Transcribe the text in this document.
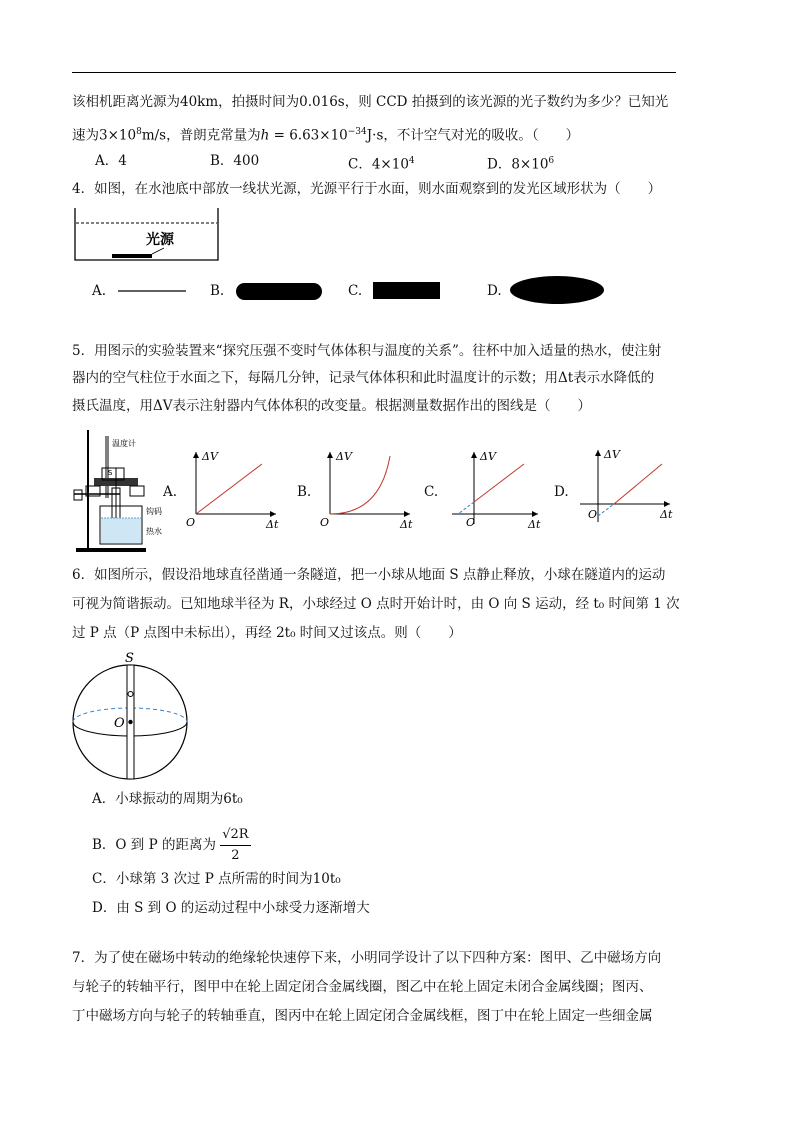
该相机距离光源为40km，拍摄时间为0.016s，则 CCD 拍摄到的该光源的光子数约为多少？已知光
速为$3\times 10^8m/s$，普朗克常量为$h = 6.63\times 10^{-34}J\cdot s$，不计空气对光的吸收。（　　）
A．4	B．400	C．$4\times 10^4$	D．$8\times 10^6$
4．如图，在水池底中部放一线状光源，光源平行于水面，则水面观察到的发光区域形状为（　　）
光源
A.	B.	C.	D.
5．用图示的实验装置来“探究压强不变时气体体积与温度的关系”。往杯中加入适量的热水，使注射
器内的空气柱位于水面之下，每隔几分钟，记录气体体积和此时温度计的示数；用Δt表示水降低的
摄氏温度，用ΔV表示注射器内气体体积的改变量。根据测量数据作出的图线是（　　）
温度计
S
钩码
热水
A.
ΔV
Δt
O
B.
ΔV
Δt
O
C.
ΔV
Δt
O
D.
ΔV
Δt
O
6．如图所示，假设沿地球直径凿通一条隧道，把一小球从地面 S 点静止释放，小球在隧道内的运动
可视为简谐振动。已知地球半径为 R，小球经过 O 点时开始计时，由 O 向 S 运动，经 t₀ 时间第 1 次
过 P 点（P 点图中未标出），再经 2t₀ 时间又过该点。则（　　）
S
O
A．小球振动的周期为6t₀
B．O 到 P 的距离为 $\frac{√2R}{2}$
C．小球第 3 次过 P 点所需的时间为10t₀
D．由 S 到 O 的运动过程中小球受力逐渐增大
7．为了使在磁场中转动的绝缘轮快速停下来，小明同学设计了以下四种方案：图甲、乙中磁场方向
与轮子的转轴平行，图甲中在轮上固定闭合金属线圈，图乙中在轮上固定未闭合金属线圈；图丙、
丁中磁场方向与轮子的转轴垂直，图丙中在轮上固定闭合金属线框，图丁中在轮上固定一些细金属
